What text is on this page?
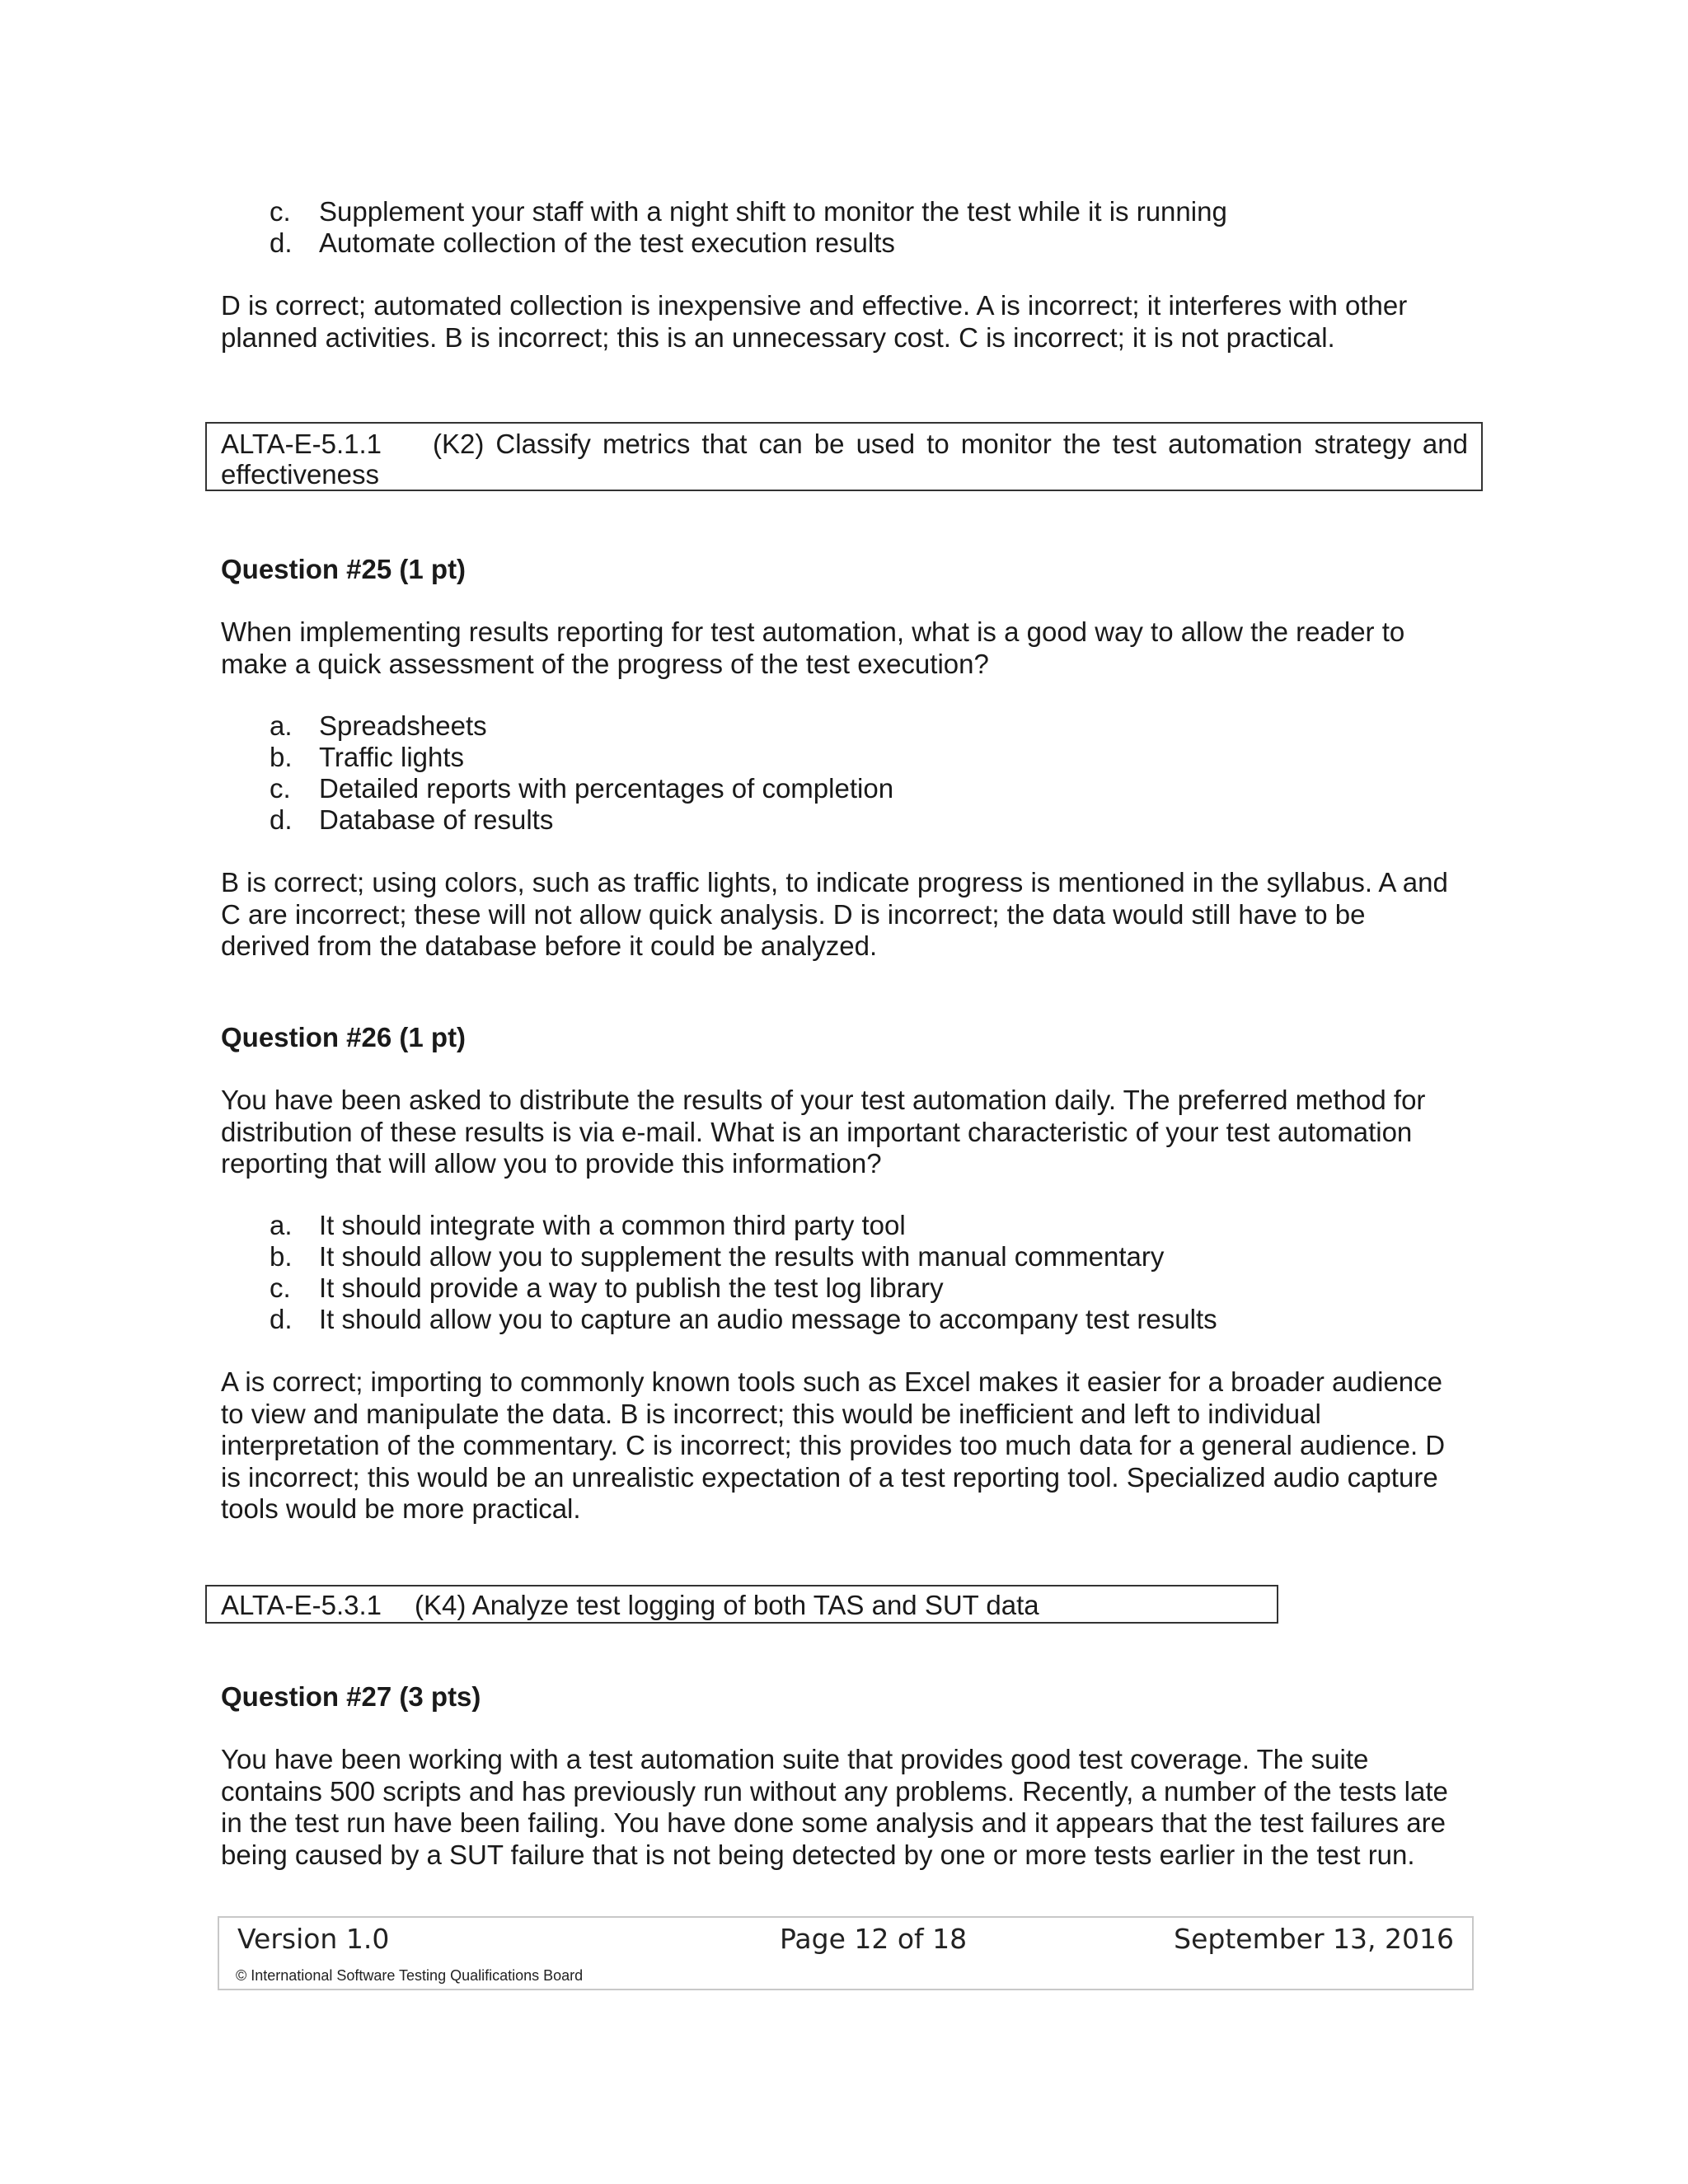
c. Supplement your staff with a night shift to monitor the test while it is running
d. Automate collection of the test execution results
D is correct; automated collection is inexpensive and effective. A is incorrect; it interferes with other
planned activities. B is incorrect; this is an unnecessary cost. C is incorrect; it is not practical.
ALTA-E-5.1.1 (K2) Classify metrics that can be used to monitor the test automation strategy and
effectiveness
Question #25 (1 pt)
When implementing results reporting for test automation, what is a good way to allow the reader to
make a quick assessment of the progress of the test execution?
a. Spreadsheets
b. Traffic lights
c. Detailed reports with percentages of completion
d. Database of results
B is correct; using colors, such as traffic lights, to indicate progress is mentioned in the syllabus. A and
C are incorrect; these will not allow quick analysis. D is incorrect; the data would still have to be
derived from the database before it could be analyzed.
Question #26 (1 pt)
You have been asked to distribute the results of your test automation daily. The preferred method for
distribution of these results is via e-mail. What is an important characteristic of your test automation
reporting that will allow you to provide this information?
a. It should integrate with a common third party tool
b. It should allow you to supplement the results with manual commentary
c. It should provide a way to publish the test log library
d. It should allow you to capture an audio message to accompany test results
A is correct; importing to commonly known tools such as Excel makes it easier for a broader audience
to view and manipulate the data. B is incorrect; this would be inefficient and left to individual
interpretation of the commentary. C is incorrect; this provides too much data for a general audience. D
is incorrect; this would be an unrealistic expectation of a test reporting tool. Specialized audio capture
tools would be more practical.
ALTA-E-5.3.1 (K4) Analyze test logging of both TAS and SUT data
Question #27 (3 pts)
You have been working with a test automation suite that provides good test coverage. The suite
contains 500 scripts and has previously run without any problems. Recently, a number of the tests late
in the test run have been failing. You have done some analysis and it appears that the test failures are
being caused by a SUT failure that is not being detected by one or more tests earlier in the test run.
Version 1.0	Page 12 of 18	September 13, 2016
© International Software Testing Qualifications Board
